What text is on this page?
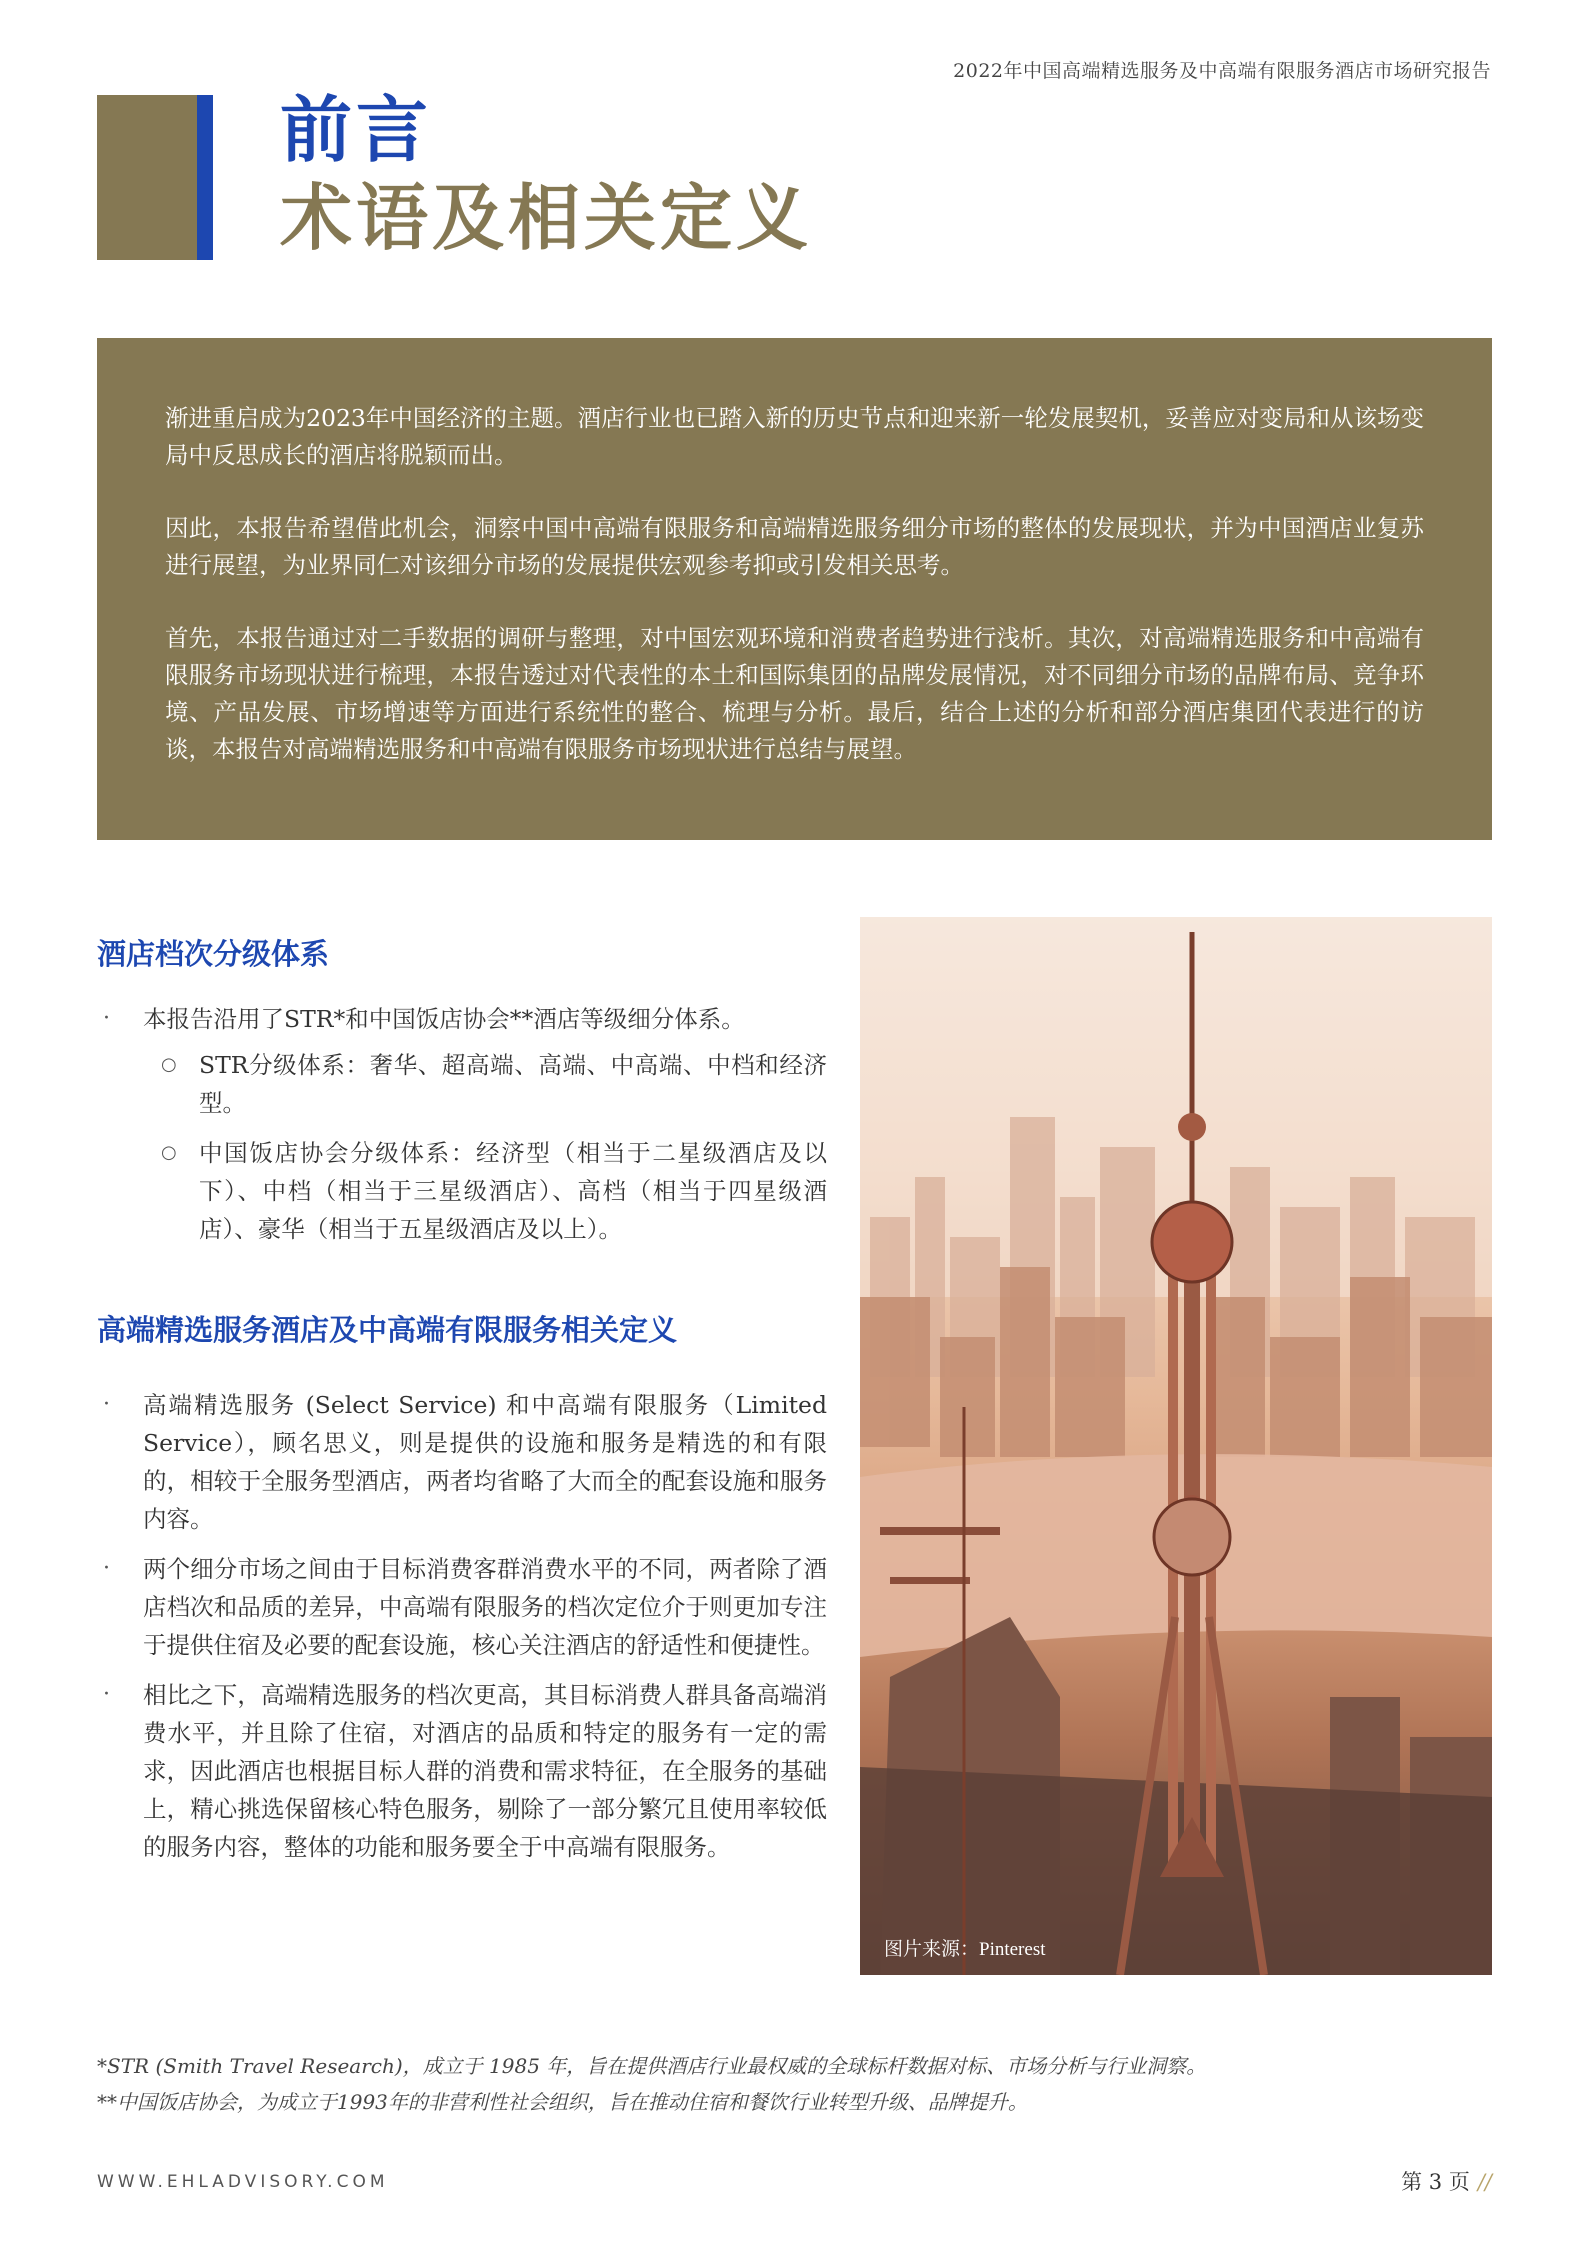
2022年中国高端精选服务及中高端有限服务酒店市场研究报告
前言
术语及相关定义

渐进重启成为2023年中国经济的主题。酒店行业也已踏入新的历史节点和迎来新一轮发展契机，妥善应对变局和从该场变局中反思成长的酒店将脱颖而出。

因此，本报告希望借此机会，洞察中国中高端有限服务和高端精选服务细分市场的整体的发展现状，并为中国酒店业复苏进行展望，为业界同仁对该细分市场的发展提供宏观参考抑或引发相关思考。

首先，本报告通过对二手数据的调研与整理，对中国宏观环境和消费者趋势进行浅析。其次，对高端精选服务和中高端有限服务市场现状进行梳理，本报告透过对代表性的本土和国际集团的品牌发展情况，对不同细分市场的品牌布局、竞争环境、产品发展、市场增速等方面进行系统性的整合、梳理与分析。最后，结合上述的分析和部分酒店集团代表进行的访谈，本报告对高端精选服务和中高端有限服务市场现状进行总结与展望。

酒店档次分级体系
· 本报告沿用了STR*和中国饭店协会**酒店等级细分体系。
○ STR分级体系：奢华、超高端、高端、中高端、中档和经济型。
○ 中国饭店协会分级体系：经济型（相当于二星级酒店及以下）、中档（相当于三星级酒店）、高档（相当于四星级酒店）、豪华（相当于五星级酒店及以上）。
高端精选服务酒店及中高端有限服务相关定义
· 高端精选服务 (Select Service) 和中高端有限服务（Limited Service），顾名思义，则是提供的设施和服务是精选的和有限的，相较于全服务型酒店，两者均省略了大而全的配套设施和服务内容。
· 两个细分市场之间由于目标消费客群消费水平的不同，两者除了酒店档次和品质的差异，中高端有限服务的档次定位介于则更加专注于提供住宿及必要的配套设施，核心关注酒店的舒适性和便捷性。
· 相比之下，高端精选服务的档次更高，其目标消费人群具备高端消费水平，并且除了住宿，对酒店的品质和特定的服务有一定的需求，因此酒店也根据目标人群的消费和需求特征，在全服务的基础上，精心挑选保留核心特色服务，剔除了一部分繁冗且使用率较低的服务内容，整体的功能和服务要全于中高端有限服务。
图片来源：Pinterest

*STR (Smith Travel Research)，成立于 1985 年，旨在提供酒店行业最权威的全球标杆数据对标、市场分析与行业洞察。

**中国饭店协会，为成立于1993年的非营利性社会组织，旨在推动住宿和餐饮行业转型升级、品牌提升。

WWW.EHLADVISORY.COM	第 3 页 //
